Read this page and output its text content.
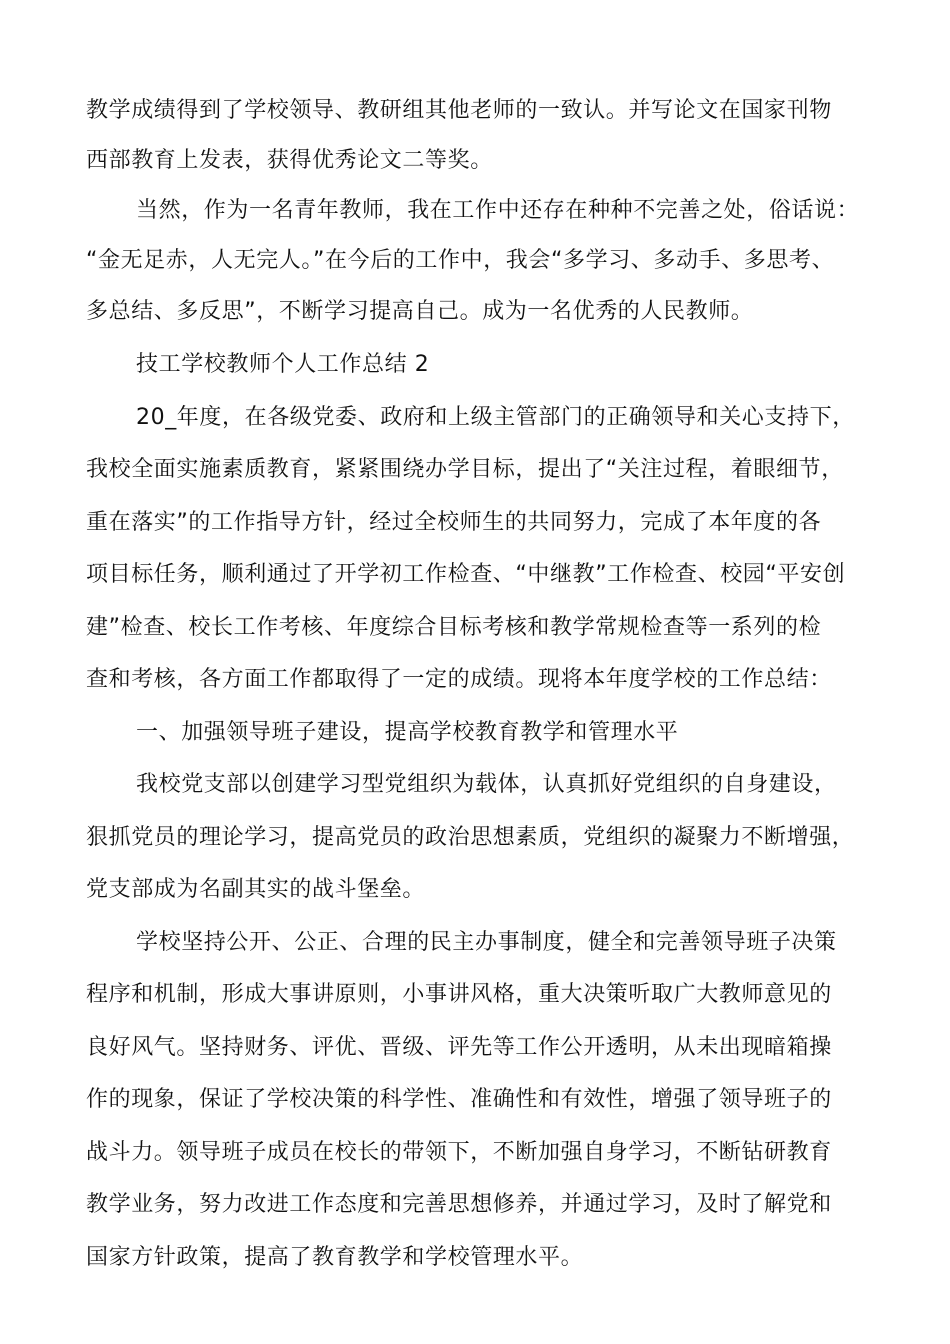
教学成绩得到了学校领导、教研组其他老师的一致认。并写论文在国家刊物
西部教育上发表，获得优秀论文二等奖。
当然，作为一名青年教师，我在工作中还存在种种不完善之处，俗话说：
“金无足赤，人无完人。”在今后的工作中，我会“多学习、多动手、多思考、
多总结、多反思”，不断学习提高自己。成为一名优秀的人民教师。
技工学校教师个人工作总结 2
20_年度，在各级党委、政府和上级主管部门的正确领导和关心支持下，
我校全面实施素质教育，紧紧围绕办学目标，提出了“关注过程，着眼细节，
重在落实”的工作指导方针，经过全校师生的共同努力，完成了本年度的各
项目标任务，顺利通过了开学初工作检查、“中继教”工作检查、校园“平安创
建”检查、校长工作考核、年度综合目标考核和教学常规检查等一系列的检
查和考核，各方面工作都取得了一定的成绩。现将本年度学校的工作总结：
一、加强领导班子建设，提高学校教育教学和管理水平
我校党支部以创建学习型党组织为载体，认真抓好党组织的自身建设，
狠抓党员的理论学习，提高党员的政治思想素质，党组织的凝聚力不断增强，
党支部成为名副其实的战斗堡垒。
学校坚持公开、公正、合理的民主办事制度，健全和完善领导班子决策
程序和机制，形成大事讲原则，小事讲风格，重大决策听取广大教师意见的
良好风气。坚持财务、评优、晋级、评先等工作公开透明，从未出现暗箱操
作的现象，保证了学校决策的科学性、准确性和有效性，增强了领导班子的
战斗力。领导班子成员在校长的带领下，不断加强自身学习，不断钻研教育
教学业务，努力改进工作态度和完善思想修养，并通过学习，及时了解党和
国家方针政策，提高了教育教学和学校管理水平。
